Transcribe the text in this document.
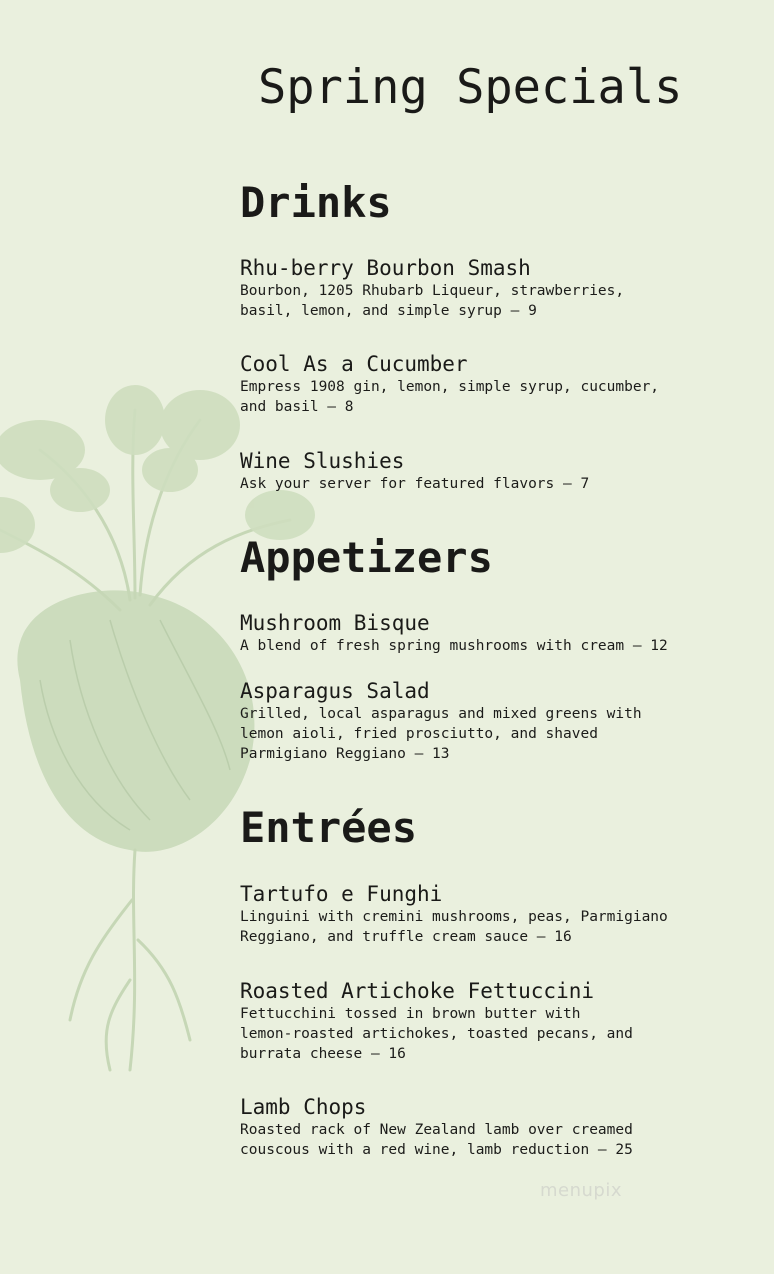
Spring Specials
Drinks
Rhu-berry Bourbon Smash
Bourbon, 1205 Rhubarb Liqueur, strawberries,
basil, lemon, and simple syrup — 9
Cool As a Cucumber
Empress 1908 gin, lemon, simple syrup, cucumber,
and basil — 8
Wine Slushies
Ask your server for featured flavors — 7
Appetizers
Mushroom Bisque
A blend of fresh spring mushrooms with cream — 12
Asparagus Salad
Grilled, local asparagus and mixed greens with
lemon aioli, fried prosciutto, and shaved
Parmigiano Reggiano — 13
Entrées
Tartufo e Funghi
Linguini with cremini mushrooms, peas, Parmigiano
Reggiano, and truffle cream sauce — 16
Roasted Artichoke Fettuccini
Fettucchini tossed in brown butter with
lemon-roasted artichokes, toasted pecans, and
burrata cheese — 16
Lamb Chops
Roasted rack of New Zealand lamb over creamed
couscous with a red wine, lamb reduction — 25
menupix
